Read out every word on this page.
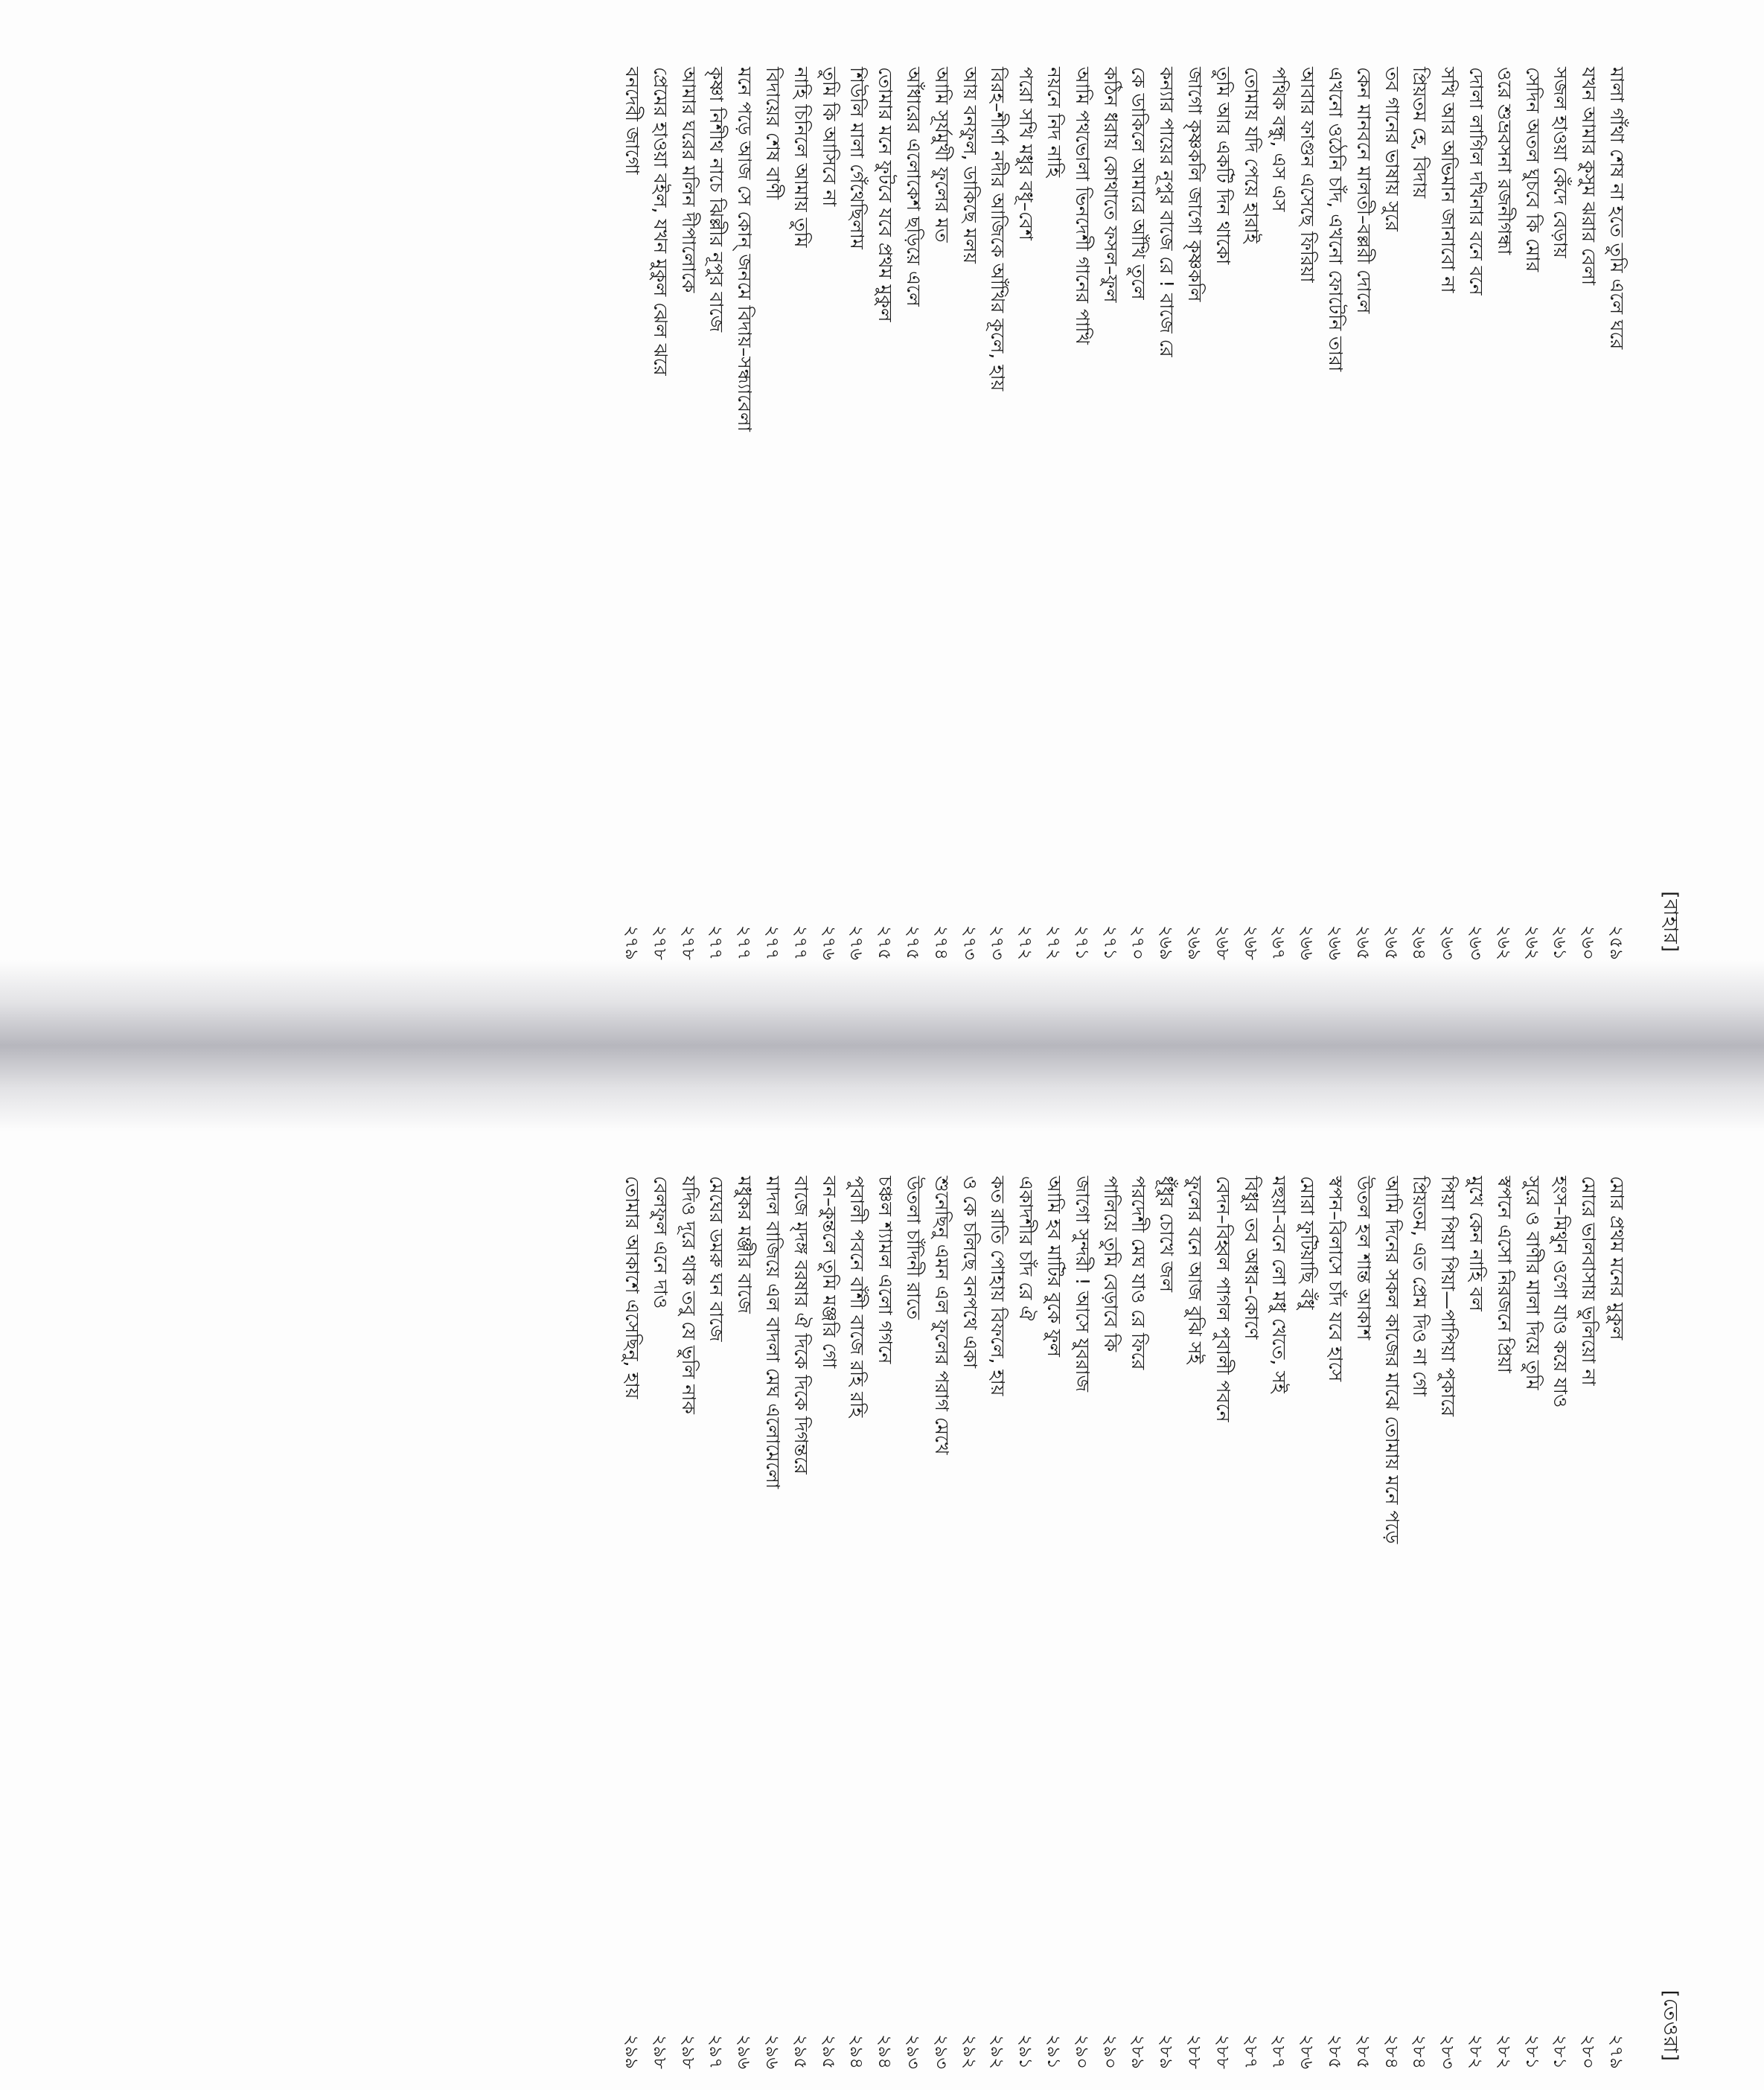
[বাহার]
মালা গাঁথা শেষ না হতে তুমি এলে ঘরে
২৫৯
যখন আমার কুসুম ঝরার বেলা
২৬০
সজল হাওয়া কেঁদে বেড়ায়
২৬১
সেদিন অতল ঘুচবে কি মোর
২৬২
ওরে শুভ্রবসনা রজনীগন্ধা
২৬২
দোলা লাগিল দখিনার বনে বনে
২৬৩
সখি আর অভিমান জানাবো না
২৬৩
প্রিয়তম হে, বিদায়
২৬৪
তব গানের ভাষায় সুরে
২৬৫
কেন মানবনে মালতী–বল্লরী দোলে
২৬৫
এখনো ওঠেনি চাঁদ, এখনো ফোটেনি তারা
২৬৬
আবার ফাগুন এসেছে ফিরিয়া
২৬৬
পথিক বন্ধু, এস এস
২৬৭
তোমায় যদি পেয়ে হারাই
২৬৮
তুমি আর একটি দিন থাকো
২৬৮
জাগো কৃষ্ণকলি জাগো কৃষ্ণকলি
২৬৯
কন্যার পায়ের নূপুর বাজে রে ! বাজে রে
২৬৯
কে ডাকিলে আমারে আঁখি তুলে
২৭০
কঠিন ধরায় কোথাতে ফসল–ফুল
২৭১
আমি পথভোলা ভিনদেশী গানের পাখি
২৭১
নয়নে নিদ নাহি
২৭২
পরো সখি মধুর বধূ–বেশ
২৭২
বিরহ–শীর্ণা নদীর আজিকে আঁখির কূলে, হায়
২৭৩
আয় বনফুল, ডাকিছে মলয়
২৭৩
আমি সূর্যমুখী ফুলের মত
২৭৪
আঁধারের এলোকেশ ছড়িয়ে এলে
২৭৫
তোমার মনে ফুটবে যবে প্রথম মুকুল
২৭৫
শিউলি মালা গেঁথেছিলাম
২৭৬
তুমি কি আসিবে না
২৭৬
নাহি চিনিলে আমায় তুমি
২৭৭
বিদায়ের শেষ বাণী
২৭৭
মনে পড়ে আজ সে কোন্ জনমে বিদায়–সন্ধ্যাবেলা
২৭৭
কৃষ্ণা নিশীথ নাচে ঝিল্লীর নূপুর বাজে
২৭৭
আমার ঘরের মলিন দীপালোকে
২৭৮
প্রেমের হাওয়া বইল, যখন মুকুল ঝেল ঝরে
২৭৮
বনদেবী জাগো
২৭৯
[তেওরা]
মোর প্রথম মনের মুকুল
২৭৯
মোরে ভালবাসায় ভুলিয়ো না
২৮০
হংস–মিথুন ওগো যাও কয়ে যাও
২৮১
সুরে ও বাণীর মালা দিয়ে তুমি
২৮১
স্বপনে এসো নিরজনে প্রিয়া
২৮২
মুখে কেন নাহি বল
২৮২
পিয়া পিয়া পিয়া—পাপিয়া পুকারে
২৮৩
প্রিয়তম, এত প্রেম দিও না গো
২৮৪
আমি দিনের সকল কাজের মাঝে তোমায় মনে পড়ে
২৮৪
উতল হল শান্ত আকাশ
২৮৫
স্বপন–বিলাসে চাঁদ যবে হাসে
২৮৫
মোরা ফুটিয়াছি বঁধু
২৮৬
মহুয়া–বনে লো মধু খেতে, সই
২৮৭
বিধুর তব অধর–কোণে
২৮৭
বেদন–বিহ্বল পাগল পুবালী পবনে
২৮৮
ফুলের বনে আজ বুঝি সই
২৮৮
ধূঁধুর চোখে জল
২৮৯
পরদেশী মেঘ যাও রে ফিরে
২৮৯
পালিয়ে তুমি বেড়াবে কি
২৯০
জাগো সুন্দরী ! আসে যুবরাজ
২৯০
আমি হব মাটির বুকে ফুল
২৯১
একাদশীর চাঁদ রে ঐ
২৯১
কত রাতি পোহায় বিফলে, হায়
২৯২
ও কে চলিছে বনপথে একা
২৯২
শুনেছিনু এমন এল ফুলের পরাগ মেখে
২৯৩
উতলা চাঁদিনী রাতে
২৯৩
চঞ্চল শ্যামল এলো গগনে
২৯৪
পুবালী পবনে বাঁশী বাজে রহি রহি
২৯৪
বন–কুন্তলে তুমি মঞ্জরি গো
২৯৫
বাজে মৃদঙ্গ বরষার ঐ দিকে দিকে দিগন্তরে
২৯৫
মাদল বাজিয়ে এল বাদলা মেঘ এলোমেলো
২৯৬
মধুকর মঞ্জীর বাজে
২৯৬
মেঘের ডমরু ঘন বাজে
২৯৭
যদিও দূরে থাক তবু যে ভুলি নাক
২৯৮
বেলফুল এনে দাও
২৯৮
তোমার আকাশে এসেছিনু, হায়
২৯৯
